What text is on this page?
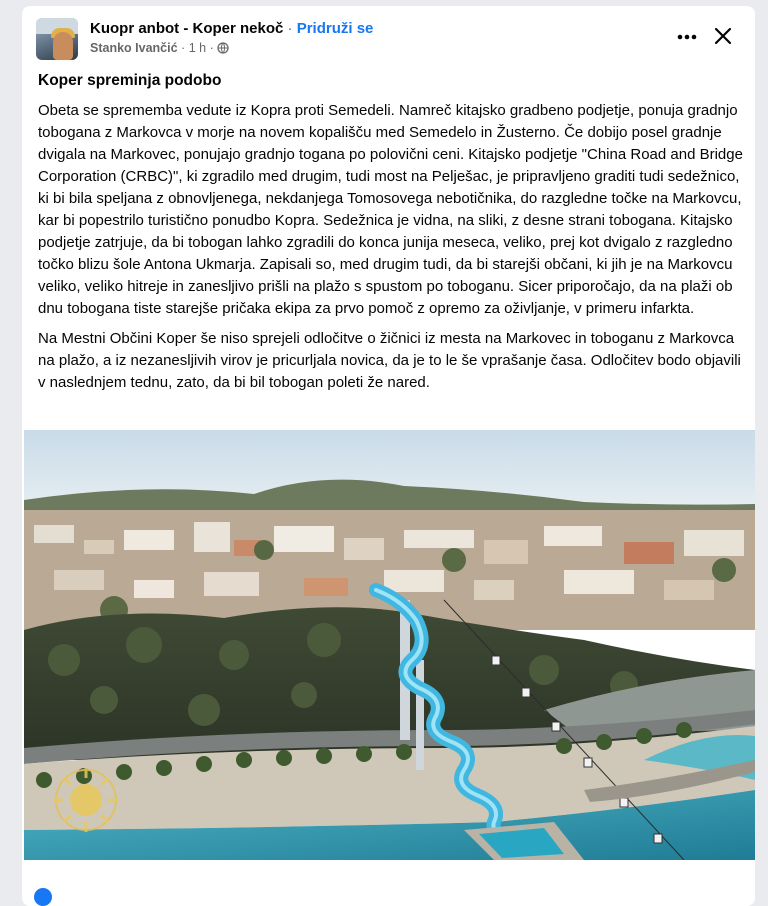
Kuopr anbot - Koper nekoč · Pridruži se
Stanko Ivančić · 1 h ·
Koper spreminja podobo

Obeta se sprememba vedute iz Kopra proti Semedeli. Namreč kitajsko gradbeno podjetje, ponuja gradnjo tobogana z Markovca v morje na novem kopališču med Semedelo in Žusterno. Če dobijo posel gradnje dvigala na Markovec, ponujajo gradnjo togana po polovični ceni. Kitajsko podjetje "China Road and Bridge Corporation (CRBC)", ki zgradilo med drugim, tudi most na Pelješac, je pripravljeno graditi tudi sedežnico, ki bi bila speljana z obnovljenega, nekdanjega Tomosovega nebotičnika, do razgledne točke na Markovcu, kar bi popestrilo turistično ponudbo Kopra. Sedežnica je vidna, na sliki, z desne strani tobogana. Kitajsko podjetje zatrjuje, da bi tobogan lahko zgradili do konca junija meseca, veliko, prej kot dvigalo z razgledno točko blizu šole Antona Ukmarja. Zapisali so, med drugim tudi, da bi starejši občani, ki jih je na Markovcu veliko, veliko hitreje in zanesljivo prišli na plažo s spustom po toboganu. Sicer priporočajo, da na plaži ob dnu tobogana tiste starejše pričaka ekipa za prvo pomoč z opremo za oživljanje, v primeru infarkta.

Na Mestni Občini Koper še niso sprejeli odločitve o žičnici iz mesta na Markovec in toboganu z Markovca na plažo, a iz nezanesljivih virov je pricurljala novica, da je to le še vprašanje časa. Odločitev bodo objavili v naslednjem tednu, zato, da bi bil tobogan poleti že nared.
